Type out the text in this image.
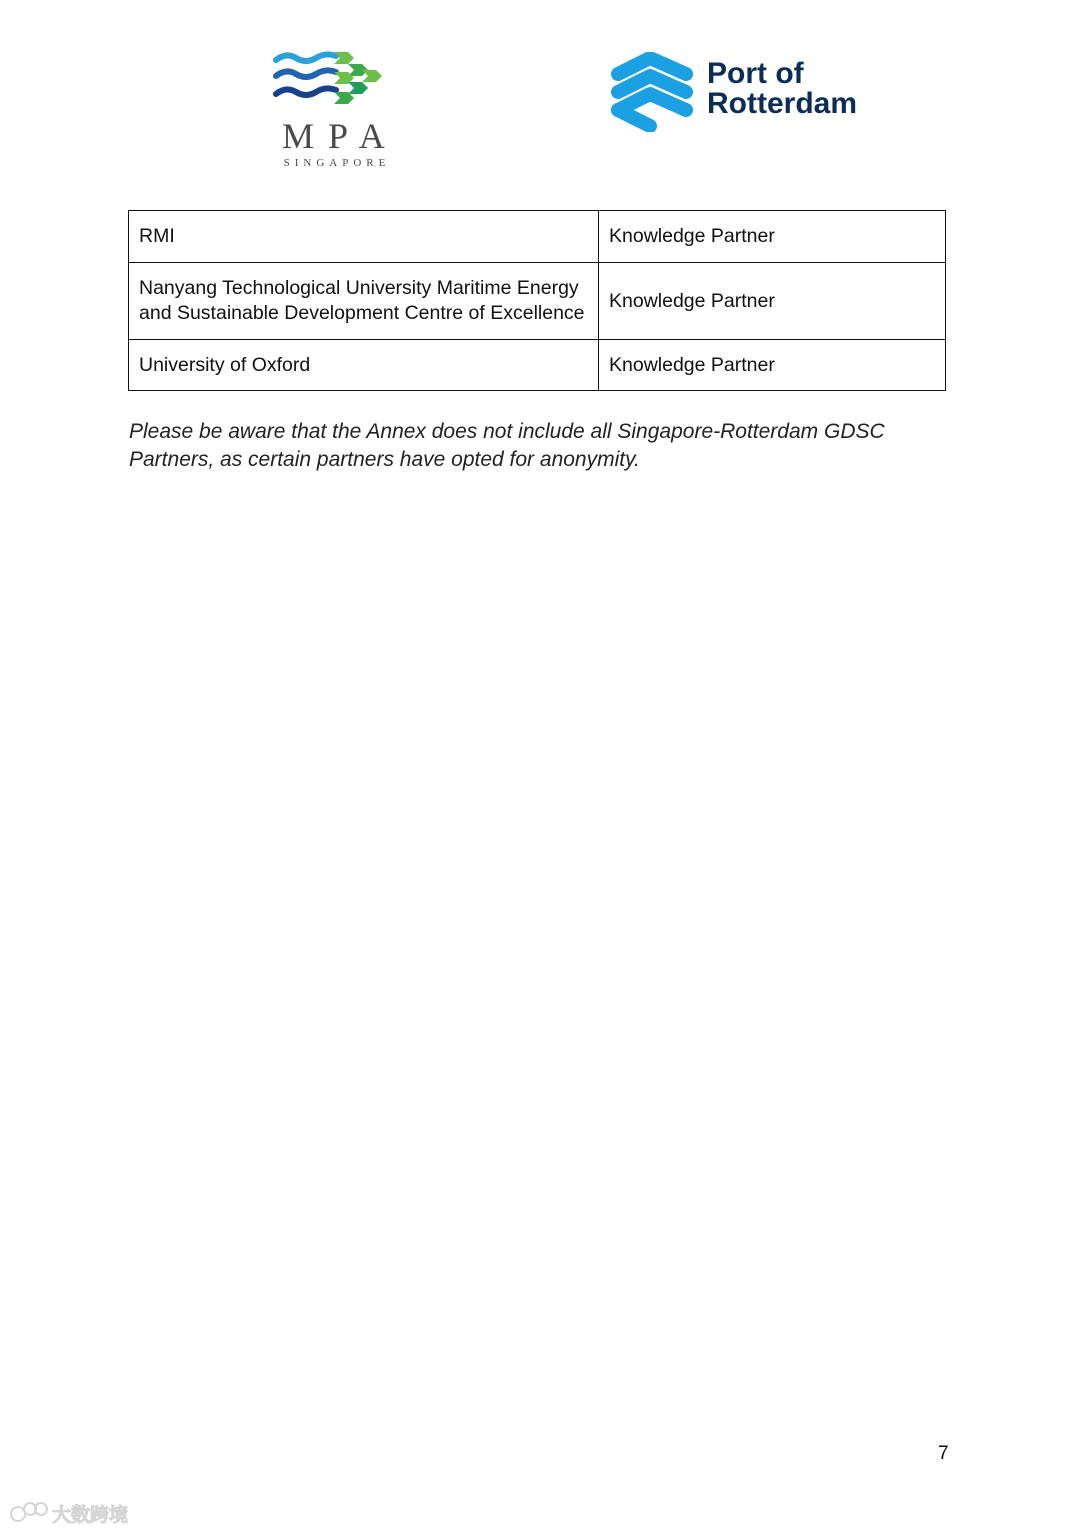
MPA
SINGAPORE
Port of
Rotterdam
RMI	Knowledge Partner
Nanyang Technological University Maritime Energy and Sustainable Development Centre of Excellence	Knowledge Partner
University of Oxford	Knowledge Partner
Please be aware that the Annex does not include all Singapore-Rotterdam GDSC Partners, as certain partners have opted for anonymity.
7
大数跨境
